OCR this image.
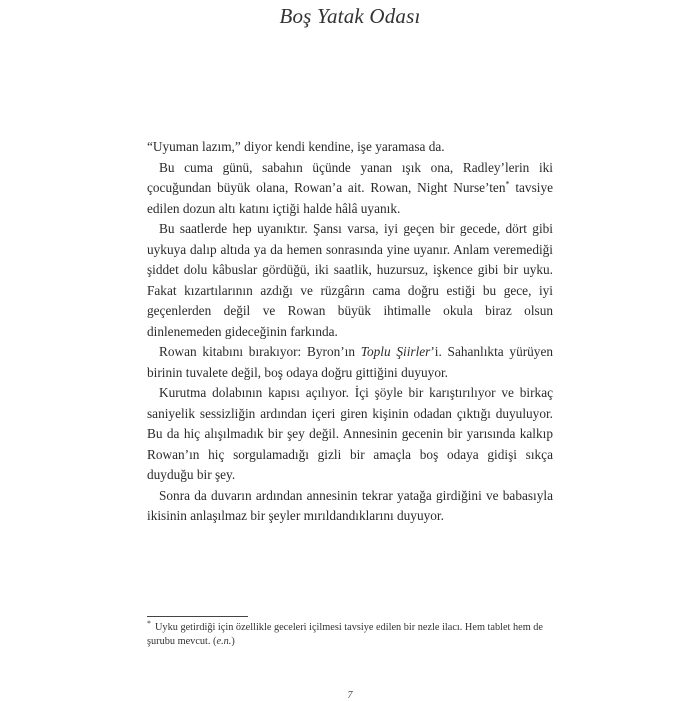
Boş Yatak Odası

“Uyuman lazım,” diyor kendi kendine, işe yaramasa da.

Bu cuma günü, sabahın üçünde yanan ışık ona, Radley’lerin iki çocuğundan büyük olana, Rowan’a ait. Rowan, Night Nurse’ten* tavsiye edilen dozun altı katını içtiği halde hâlâ uyanık.

Bu saatlerde hep uyanıktır. Şansı varsa, iyi geçen bir gecede, dört gibi uykuya dalıp altıda ya da hemen sonrasında yine uyanır. Anlam veremediği şiddet dolu kâbuslar gördüğü, iki saatlik, huzursuz, işkence gibi bir uyku. Fakat kızartılarının azdığı ve rüzgârın cama doğru estiği bu gece, iyi geçenlerden değil ve Rowan büyük ihtimalle okula biraz olsun dinlenemeden gideceğinin farkında.

Rowan kitabını bırakıyor: Byron’ın Toplu Şiirler’i. Sahanlıkta yürüyen birinin tuvalete değil, boş odaya doğru gittiğini duyuyor.

Kurutma dolabının kapısı açılıyor. İçi şöyle bir karıştırılıyor ve birkaç saniyelik sessizliğin ardından içeri giren kişinin odadan çıktığı duyuluyor. Bu da hiç alışılmadık bir şey değil. Annesinin gecenin bir yarısında kalkıp Rowan’ın hiç sorgulamadığı gizli bir amaçla boş odaya gidişi sıkça duyduğu bir şey.

Sonra da duvarın ardından annesinin tekrar yatağa girdiğini ve babasıyla ikisinin anlaşılmaz bir şeyler mırıldandıklarını duyuyor.

* Uyku getirdiği için özellikle geceleri içilmesi tavsiye edilen bir nezle ilacı. Hem tablet hem de şurubu mevcut. (e.n.)
7
